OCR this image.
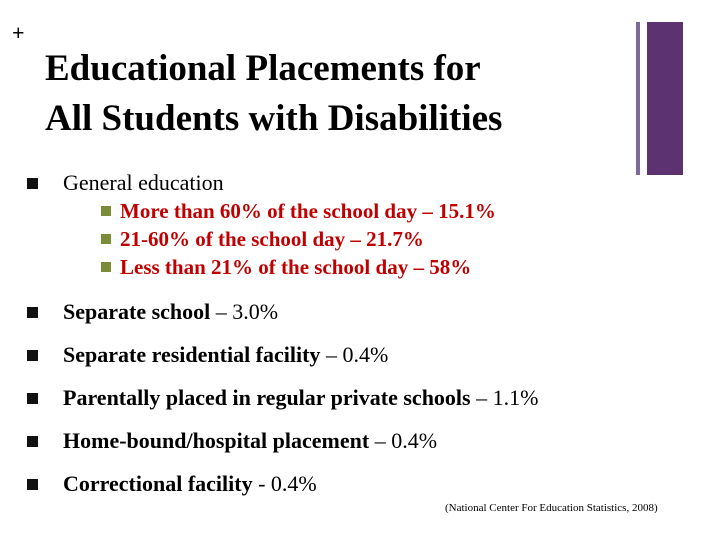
+
Educational Placements for
All Students with Disabilities
General education
More than 60% of the school day – 15.1%
21-60% of the school day – 21.7%
Less than 21% of the school day – 58%
Separate school – 3.0%
Separate residential facility – 0.4%
Parentally placed in regular private schools – 1.1%
Home-bound/hospital placement – 0.4%
Correctional facility - 0.4%
(National Center For Education Statistics, 2008)
